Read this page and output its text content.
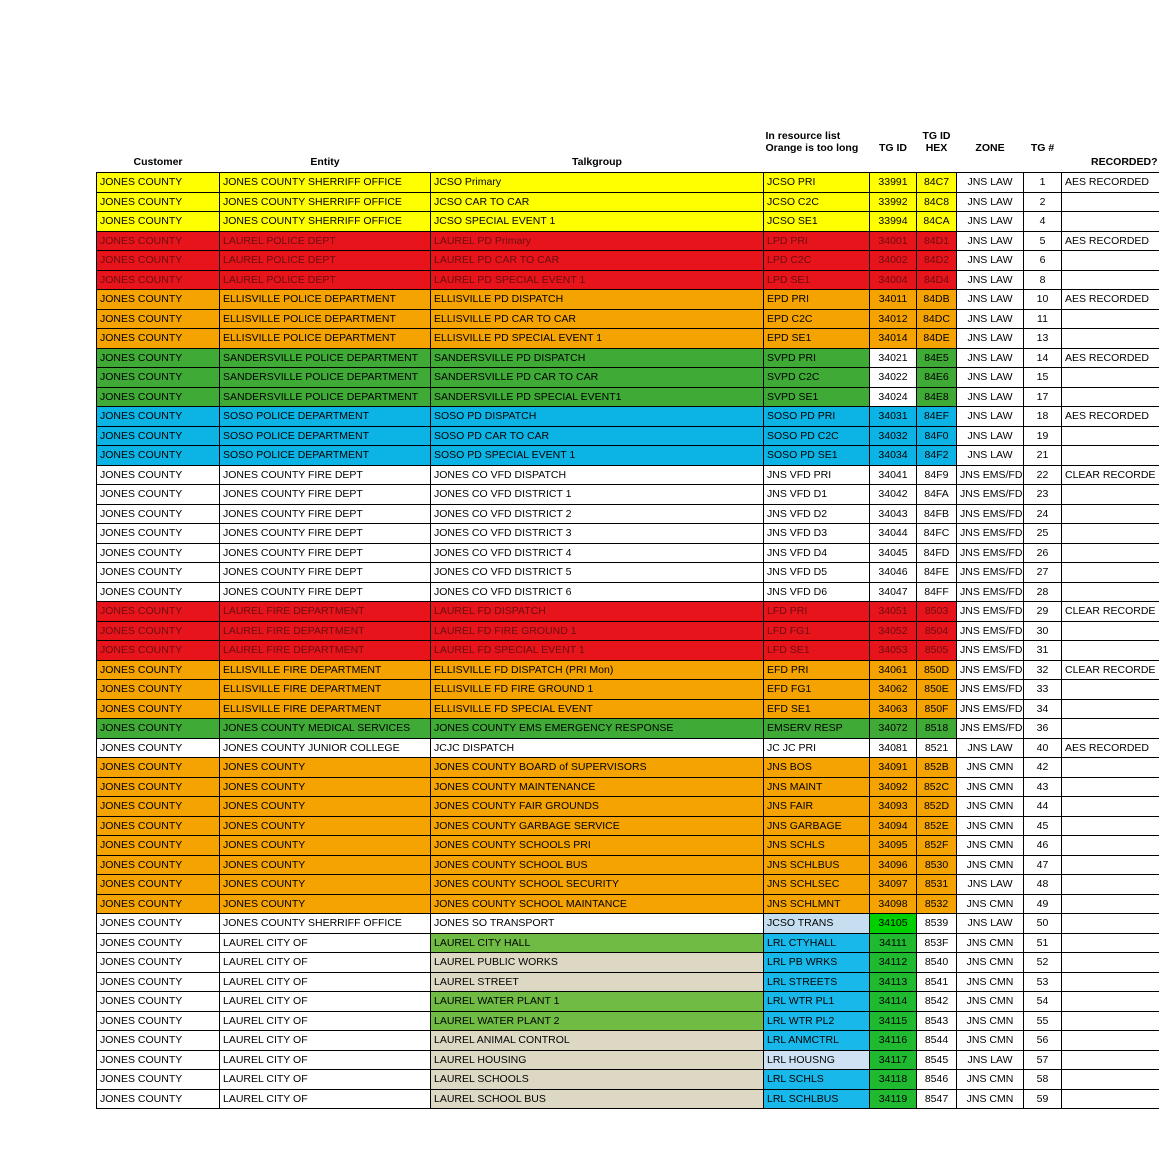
In resource list
Orange is too long	TG ID	
TG ID
HEX	ZONE	TG #	
Customer	Entity	Talkgroup						RECORDED?
JONES COUNTY	JONES COUNTY SHERRIFF OFFICE	JCSO Primary	JCSO PRI	33991	84C7	JNS LAW	1	AES RECORDED
JONES COUNTY	JONES COUNTY SHERRIFF OFFICE	JCSO CAR TO CAR	JCSO C2C	33992	84C8	JNS LAW	2	
JONES COUNTY	JONES COUNTY SHERRIFF OFFICE	JCSO SPECIAL EVENT 1	JCSO SE1	33994	84CA	JNS LAW	4	
JONES COUNTY	LAUREL POLICE DEPT	LAUREL PD Primary	LPD PRI	34001	84D1	JNS LAW	5	AES RECORDED
JONES COUNTY	LAUREL POLICE DEPT	LAUREL PD CAR TO CAR	LPD C2C	34002	84D2	JNS LAW	6	
JONES COUNTY	LAUREL POLICE DEPT	LAUREL PD SPECIAL EVENT 1	LPD SE1	34004	84D4	JNS LAW	8	
JONES COUNTY	ELLISVILLE POLICE DEPARTMENT	ELLISVILLE PD DISPATCH	EPD PRI	34011	84DB	JNS LAW	10	AES RECORDED
JONES COUNTY	ELLISVILLE POLICE DEPARTMENT	ELLISVILLE PD CAR TO CAR	EPD C2C	34012	84DC	JNS LAW	11	
JONES COUNTY	ELLISVILLE POLICE DEPARTMENT	ELLISVILLE PD SPECIAL EVENT 1	EPD SE1	34014	84DE	JNS LAW	13	
JONES COUNTY	SANDERSVILLE POLICE DEPARTMENT	SANDERSVILLE PD DISPATCH	SVPD PRI	34021	84E5	JNS LAW	14	AES RECORDED
JONES COUNTY	SANDERSVILLE POLICE DEPARTMENT	SANDERSVILLE PD CAR TO CAR	SVPD C2C	34022	84E6	JNS LAW	15	
JONES COUNTY	SANDERSVILLE POLICE DEPARTMENT	SANDERSVILLE PD SPECIAL EVENT1	SVPD SE1	34024	84E8	JNS LAW	17	
JONES COUNTY	SOSO POLICE DEPARTMENT	SOSO PD DISPATCH	SOSO PD PRI	34031	84EF	JNS LAW	18	AES RECORDED
JONES COUNTY	SOSO POLICE DEPARTMENT	SOSO PD CAR TO CAR	SOSO PD C2C	34032	84F0	JNS LAW	19	
JONES COUNTY	SOSO POLICE DEPARTMENT	SOSO PD SPECIAL EVENT 1	SOSO PD SE1	34034	84F2	JNS LAW	21	
JONES COUNTY	JONES COUNTY FIRE DEPT	JONES CO VFD DISPATCH	JNS VFD PRI	34041	84F9	JNS EMS/FD	22	CLEAR RECORDE
JONES COUNTY	JONES COUNTY FIRE DEPT	JONES CO VFD DISTRICT 1	JNS VFD D1	34042	84FA	JNS EMS/FD	23	
JONES COUNTY	JONES COUNTY FIRE DEPT	JONES CO VFD DISTRICT 2	JNS VFD D2	34043	84FB	JNS EMS/FD	24	
JONES COUNTY	JONES COUNTY FIRE DEPT	JONES CO VFD DISTRICT 3	JNS VFD D3	34044	84FC	JNS EMS/FD	25	
JONES COUNTY	JONES COUNTY FIRE DEPT	JONES CO VFD DISTRICT 4	JNS VFD D4	34045	84FD	JNS EMS/FD	26	
JONES COUNTY	JONES COUNTY FIRE DEPT	JONES CO VFD DISTRICT 5	JNS VFD D5	34046	84FE	JNS EMS/FD	27	
JONES COUNTY	JONES COUNTY FIRE DEPT	JONES CO VFD DISTRICT 6	JNS VFD D6	34047	84FF	JNS EMS/FD	28	
JONES COUNTY	LAUREL FIRE DEPARTMENT	LAUREL FD DISPATCH	LFD PRI	34051	8503	JNS EMS/FD	29	CLEAR RECORDE
JONES COUNTY	LAUREL FIRE DEPARTMENT	LAUREL FD FIRE GROUND 1	LFD FG1	34052	8504	JNS EMS/FD	30	
JONES COUNTY	LAUREL FIRE DEPARTMENT	LAUREL FD SPECIAL EVENT 1	LFD SE1	34053	8505	JNS EMS/FD	31	
JONES COUNTY	ELLISVILLE FIRE DEPARTMENT	ELLISVILLE FD DISPATCH (PRI Mon)	EFD PRI	34061	850D	JNS EMS/FD	32	CLEAR RECORDE
JONES COUNTY	ELLISVILLE FIRE DEPARTMENT	ELLISVILLE FD FIRE GROUND 1	EFD FG1	34062	850E	JNS EMS/FD	33	
JONES COUNTY	ELLISVILLE FIRE DEPARTMENT	ELLISVILLE FD SPECIAL EVENT	EFD SE1	34063	850F	JNS EMS/FD	34	
JONES COUNTY	JONES COUNTY MEDICAL SERVICES	JONES COUNTY EMS EMERGENCY RESPONSE	EMSERV RESP	34072	8518	JNS EMS/FD	36	
JONES COUNTY	JONES COUNTY JUNIOR COLLEGE	JCJC DISPATCH	JC JC PRI	34081	8521	JNS LAW	40	AES RECORDED
JONES COUNTY	JONES COUNTY	JONES COUNTY BOARD of SUPERVISORS	JNS BOS	34091	852B	JNS CMN	42	
JONES COUNTY	JONES COUNTY	JONES COUNTY MAINTENANCE	JNS MAINT	34092	852C	JNS CMN	43	
JONES COUNTY	JONES COUNTY	JONES COUNTY FAIR GROUNDS	JNS FAIR	34093	852D	JNS CMN	44	
JONES COUNTY	JONES COUNTY	JONES COUNTY GARBAGE SERVICE	JNS GARBAGE	34094	852E	JNS CMN	45	
JONES COUNTY	JONES COUNTY	JONES COUNTY SCHOOLS PRI	JNS SCHLS	34095	852F	JNS CMN	46	
JONES COUNTY	JONES COUNTY	JONES COUNTY SCHOOL BUS	JNS SCHLBUS	34096	8530	JNS CMN	47	
JONES COUNTY	JONES COUNTY	JONES COUNTY SCHOOL SECURITY	JNS SCHLSEC	34097	8531	JNS LAW	48	
JONES COUNTY	JONES COUNTY	JONES COUNTY SCHOOL MAINTANCE	JNS SCHLMNT	34098	8532	JNS CMN	49	
JONES COUNTY	JONES COUNTY SHERRIFF OFFICE	JONES SO TRANSPORT	JCSO TRANS	34105	8539	JNS LAW	50	
JONES COUNTY	LAUREL CITY OF	LAUREL CITY HALL	LRL CTYHALL	34111	853F	JNS CMN	51	
JONES COUNTY	LAUREL CITY OF	LAUREL PUBLIC WORKS	LRL PB WRKS	34112	8540	JNS CMN	52	
JONES COUNTY	LAUREL CITY OF	LAUREL STREET	LRL STREETS	34113	8541	JNS CMN	53	
JONES COUNTY	LAUREL CITY OF	LAUREL WATER PLANT 1	LRL WTR PL1	34114	8542	JNS CMN	54	
JONES COUNTY	LAUREL CITY OF	LAUREL WATER PLANT 2	LRL WTR PL2	34115	8543	JNS CMN	55	
JONES COUNTY	LAUREL CITY OF	LAUREL ANIMAL CONTROL	LRL ANMCTRL	34116	8544	JNS CMN	56	
JONES COUNTY	LAUREL CITY OF	LAUREL HOUSING	LRL HOUSNG	34117	8545	JNS LAW	57	
JONES COUNTY	LAUREL CITY OF	LAUREL SCHOOLS	LRL SCHLS	34118	8546	JNS CMN	58	
JONES COUNTY	LAUREL CITY OF	LAUREL SCHOOL BUS	LRL SCHLBUS	34119	8547	JNS CMN	59	
